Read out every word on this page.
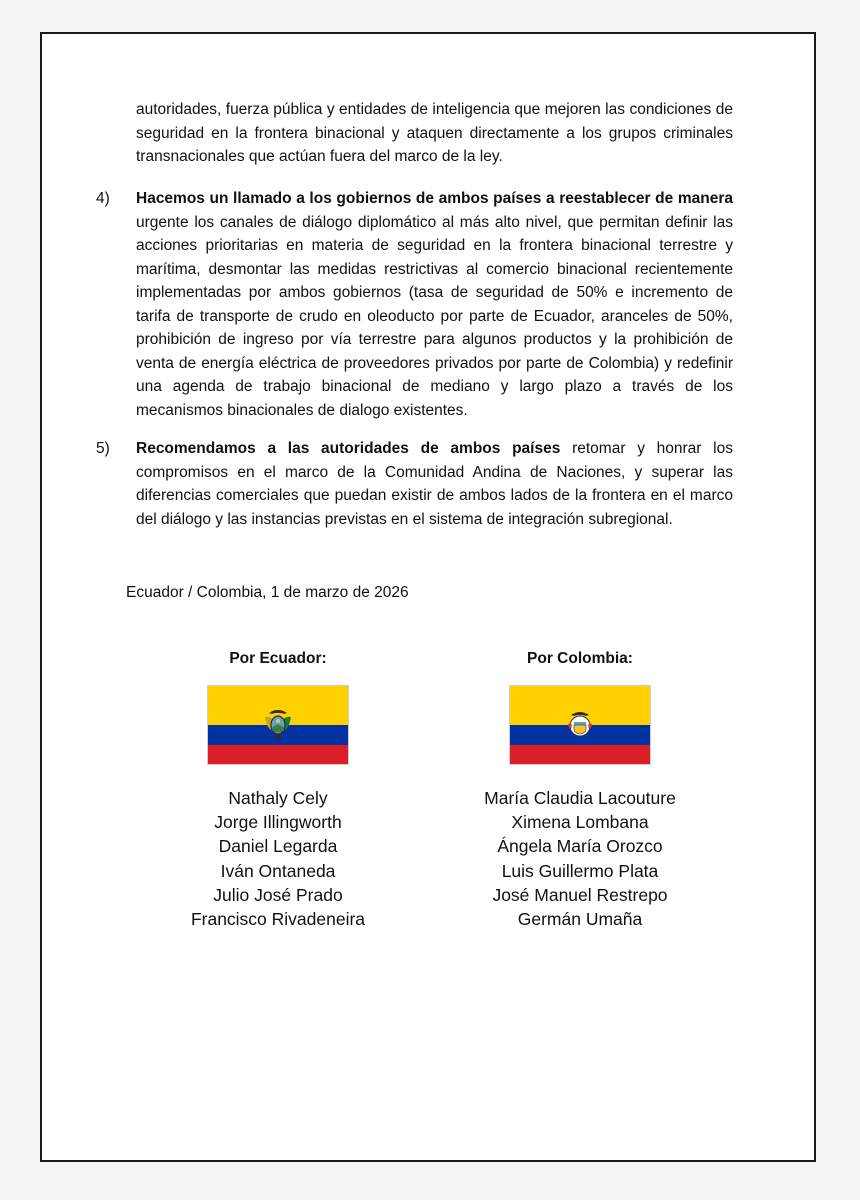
autoridades, fuerza pública y entidades de inteligencia que mejoren las condiciones de seguridad en la frontera binacional y ataquen directamente a los grupos criminales transnacionales que actúan fuera del marco de la ley.
4)	Hacemos un llamado a los gobiernos de ambos países a reestablecer de manera urgente los canales de diálogo diplomático al más alto nivel, que permitan definir las acciones prioritarias en materia de seguridad en la frontera binacional terrestre y marítima, desmontar las medidas restrictivas al comercio binacional recientemente implementadas por ambos gobiernos (tasa de seguridad de 50% e incremento de tarifa de transporte de crudo en oleoducto por parte de Ecuador, aranceles de 50%, prohibición de ingreso por vía terrestre para algunos productos y la prohibición de venta de energía eléctrica de proveedores privados por parte de Colombia) y redefinir una agenda de trabajo binacional de mediano y largo plazo a través de los mecanismos binacionales de dialogo existentes.
5)	Recomendamos a las autoridades de ambos países retomar y honrar los compromisos en el marco de la Comunidad Andina de Naciones, y superar las diferencias comerciales que puedan existir de ambos lados de la frontera en el marco del diálogo y las instancias previstas en el sistema de integración subregional.
Ecuador / Colombia, 1 de marzo de 2026
Por Ecuador:
Nathaly Cely
Jorge Illingworth
Daniel Legarda
Iván Ontaneda
Julio José Prado
Francisco Rivadeneira
Por Colombia:
María Claudia Lacouture
Ximena Lombana
Ángela María Orozco
Luis Guillermo Plata
José Manuel Restrepo
Germán Umaña
